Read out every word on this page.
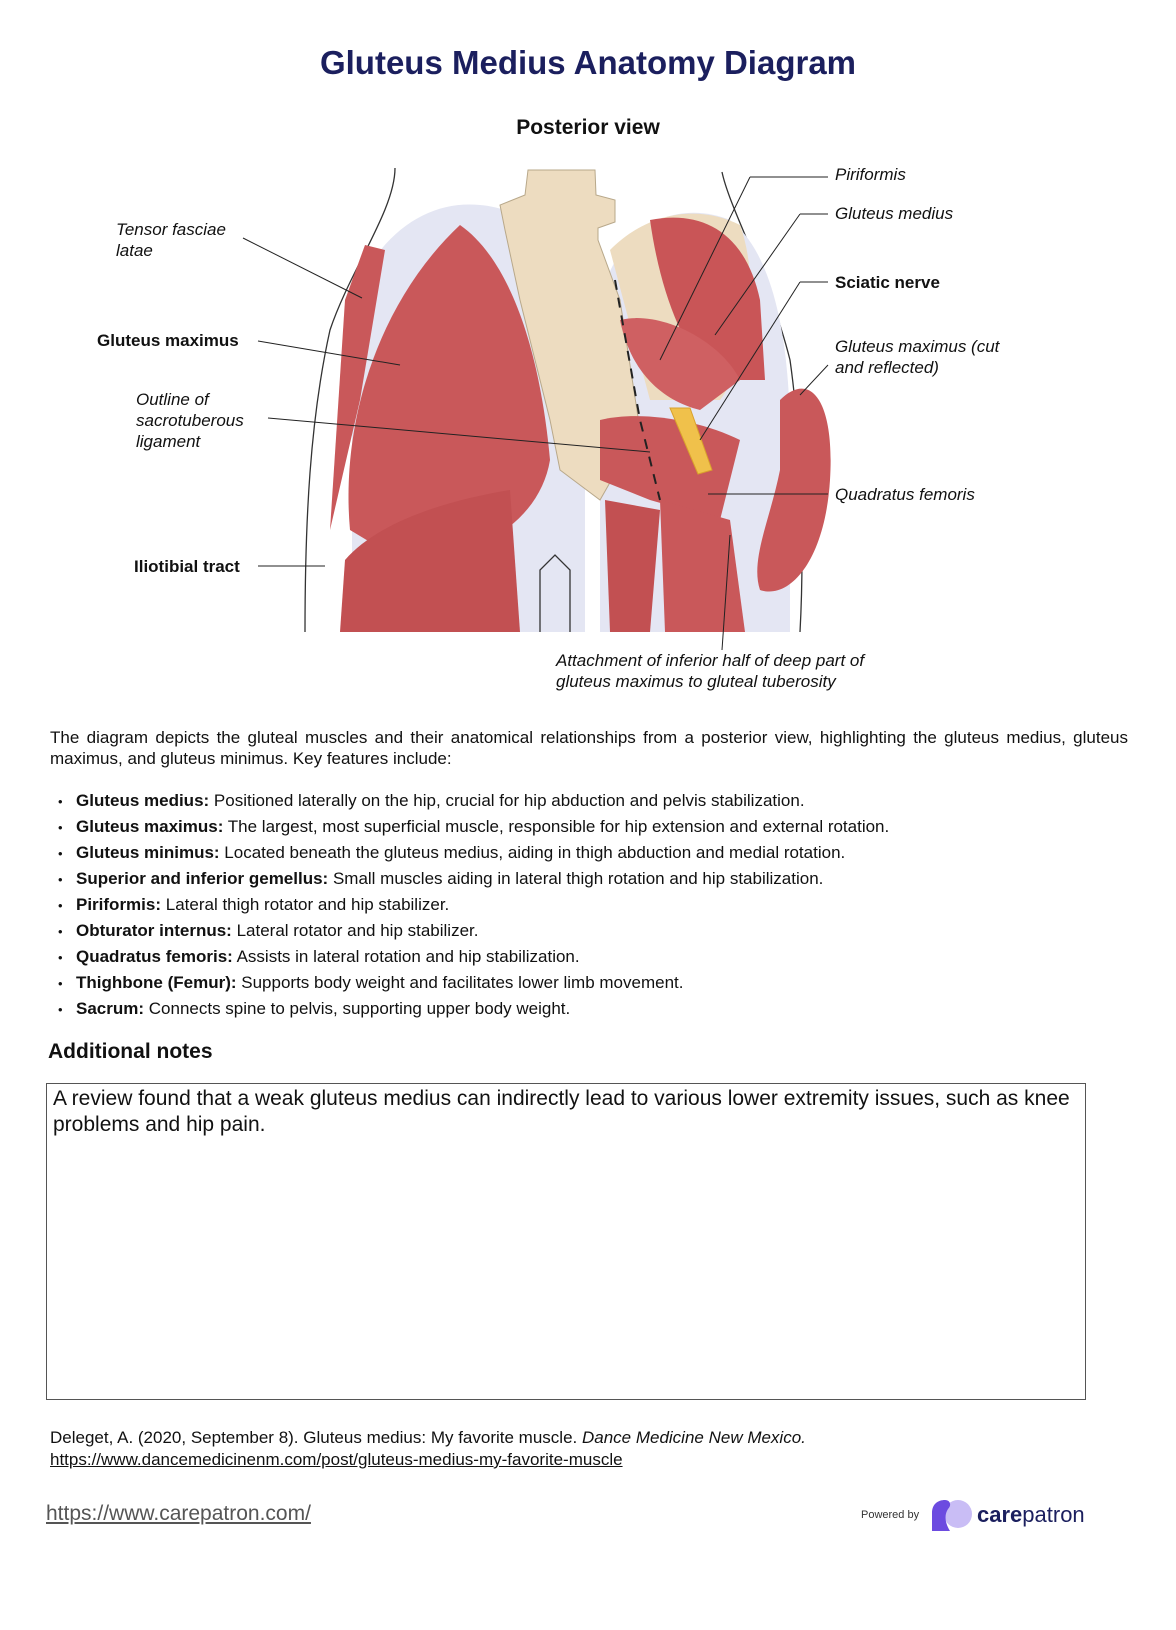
Gluteus Medius Anatomy Diagram
Posterior view
Tensor fasciae latae
Gluteus maximus
Outline of sacrotuberous ligament
Iliotibial tract
Piriformis
Gluteus medius
Sciatic nerve
Gluteus maximus (cut and reflected)
Quadratus femoris
Attachment of inferior half of deep part of gluteus maximus to gluteal tuberosity

The diagram depicts the gluteal muscles and their anatomical relationships from a posterior view, highlighting the gluteus medius, gluteus maximus, and gluteus minimus. Key features include:

• Gluteus medius: Positioned laterally on the hip, crucial for hip abduction and pelvis stabilization.
• Gluteus maximus: The largest, most superficial muscle, responsible for hip extension and external rotation.
• Gluteus minimus: Located beneath the gluteus medius, aiding in thigh abduction and medial rotation.
• Superior and inferior gemellus: Small muscles aiding in lateral thigh rotation and hip stabilization.
• Piriformis: Lateral thigh rotator and hip stabilizer.
• Obturator internus: Lateral rotator and hip stabilizer.
• Quadratus femoris: Assists in lateral rotation and hip stabilization.
• Thighbone (Femur): Supports body weight and facilitates lower limb movement.
• Sacrum: Connects spine to pelvis, supporting upper body weight.
Additional notes
A review found that a weak gluteus medius can indirectly lead to various lower extremity issues, such as knee problems and hip pain.
Deleget, A. (2020, September 8). Gluteus medius: My favorite muscle. Dance Medicine New Mexico. https://www.dancemedicinenm.com/post/gluteus-medius-my-favorite-muscle
https://www.carepatron.com/	Powered by	carepatron
